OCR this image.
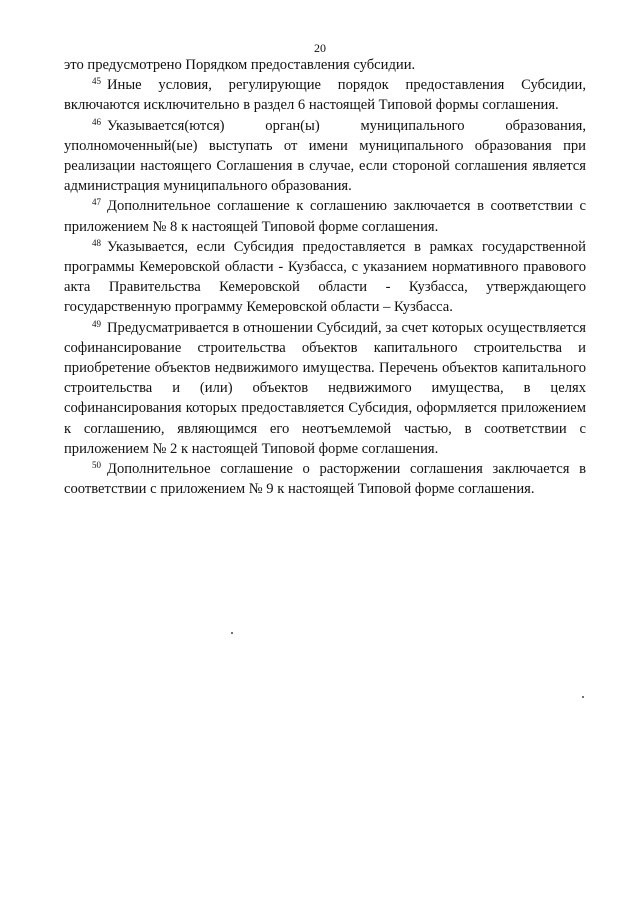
20

это предусмотрено Порядком предоставления субсидии.

$^{45}$ Иные условия, регулирующие порядок предоставления Субсидии, включаются исключительно в раздел 6 настоящей Типовой формы соглашения.

$^{46}$ Указывается(ются) орган(ы) муниципального образования, уполномоченный(ые) выступать от имени муниципального образования при реализации настоящего Соглашения в случае, если стороной соглашения является администрация муниципального образования.

$^{47}$ Дополнительное соглашение к соглашению заключается в соответствии с приложением № 8 к настоящей Типовой форме соглашения.

$^{48}$ Указывается, если Субсидия предоставляется в рамках государственной программы Кемеровской области - Кузбасса, с указанием нормативного правового акта Правительства Кемеровской области - Кузбасса, утверждающего государственную программу Кемеровской области – Кузбасса.

$^{49}$ Предусматривается в отношении Субсидий, за счет которых осуществляется софинансирование строительства объектов капитального строительства и приобретение объектов недвижимого имущества. Перечень объектов капитального строительства и (или) объектов недвижимого имущества, в целях софинансирования которых предоставляется Субсидия, оформляется приложением к соглашению, являющимся его неотъемлемой частью, в соответствии с приложением № 2 к настоящей Типовой форме соглашения.

$^{50}$ Дополнительное соглашение о расторжении соглашения заключается в соответствии с приложением № 9 к настоящей Типовой форме соглашения.
